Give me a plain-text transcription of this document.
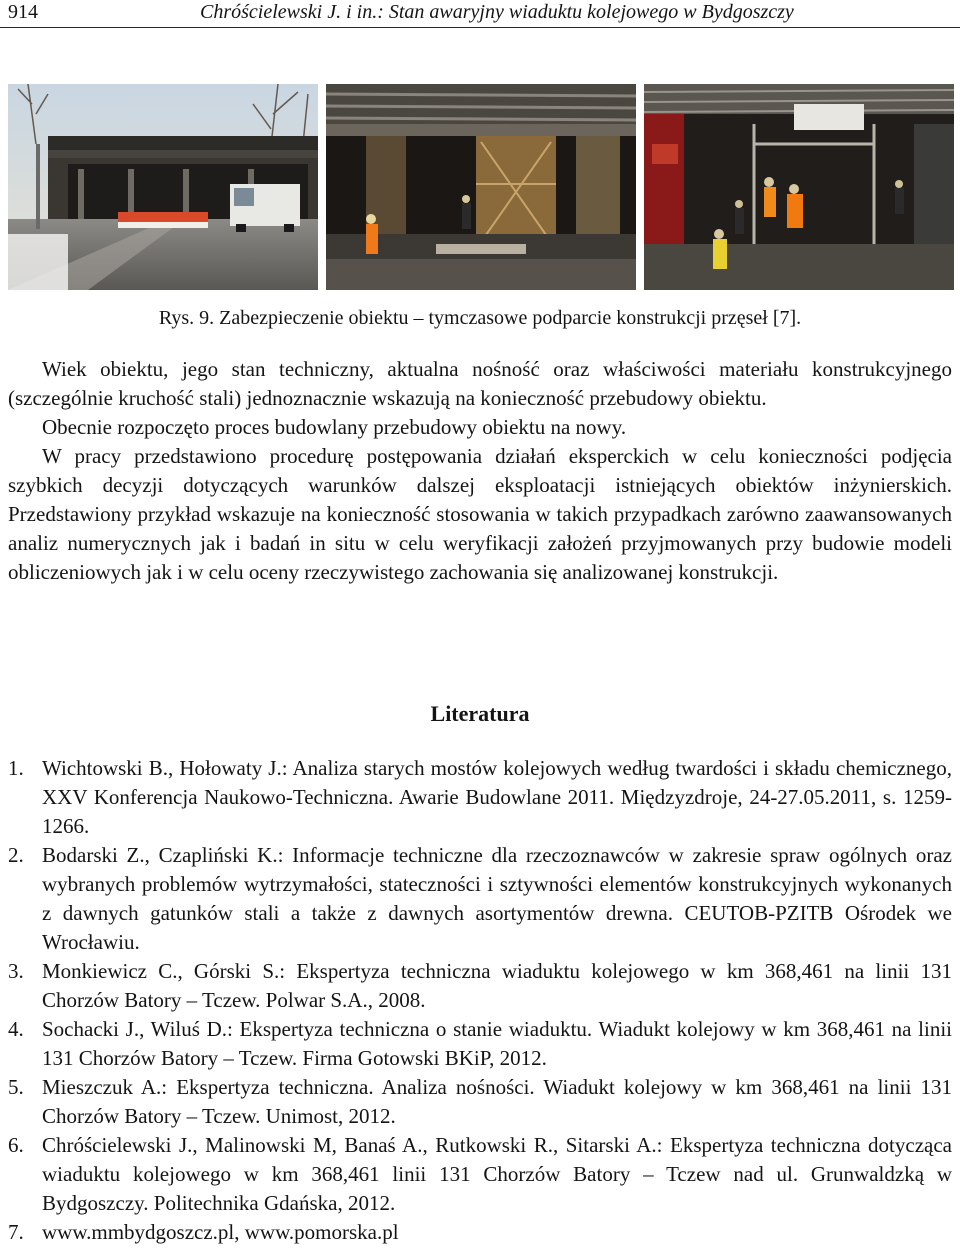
914	Chróścielewski J. i in.: Stan awaryjny wiaduktu kolejowego w Bydgoszczy
Rys. 9. Zabezpieczenie obiektu – tymczasowe podparcie konstrukcji przęseł [7].

Wiek obiektu, jego stan techniczny, aktualna nośność oraz właściwości materiału konstrukcyjnego (szczególnie kruchość stali) jednoznacznie wskazują na konieczność przebudowy obiektu.

Obecnie rozpoczęto proces budowlany przebudowy obiektu na nowy.

W pracy przedstawiono procedurę postępowania działań eksperckich w celu konieczności podjęcia szybkich decyzji dotyczących warunków dalszej eksploatacji istniejących obiektów inżynierskich. Przedstawiony przykład wskazuje na konieczność stosowania w takich przypadkach zarówno zaawansowanych analiz numerycznych jak i badań in situ w celu weryfikacji założeń przyjmowanych przy budowie modeli obliczeniowych jak i w celu oceny rzeczywistego zachowania się analizowanej konstrukcji.

Literatura
1. Wichtowski B., Hołowaty J.: Analiza starych mostów kolejowych według twardości i składu chemicznego, XXV Konferencja Naukowo-Techniczna. Awarie Budowlane 2011. Międzyzdroje, 24-27.05.2011, s. 1259-1266.
2. Bodarski Z., Czapliński K.: Informacje techniczne dla rzeczoznawców w zakresie spraw ogólnych oraz wybranych problemów wytrzymałości, stateczności i sztywności elementów konstrukcyjnych wykonanych z dawnych gatunków stali a także z dawnych asortymentów drewna. CEUTOB-PZITB Ośrodek we Wrocławiu.
3. Monkiewicz C., Górski S.: Ekspertyza techniczna wiaduktu kolejowego w km 368,461 na linii 131 Chorzów Batory – Tczew. Polwar S.A., 2008.
4. Sochacki J., Wiluś D.: Ekspertyza techniczna o stanie wiaduktu. Wiadukt kolejowy w km 368,461 na linii 131 Chorzów Batory – Tczew. Firma Gotowski BKiP, 2012.
5. Mieszczuk A.: Ekspertyza techniczna. Analiza nośności. Wiadukt kolejowy w km 368,461 na linii 131 Chorzów Batory – Tczew. Unimost, 2012.
6. Chróścielewski J., Malinowski M, Banaś A., Rutkowski R., Sitarski A.: Ekspertyza techniczna dotycząca wiaduktu kolejowego w km 368,461 linii 131 Chorzów Batory – Tczew nad ul. Grunwaldzką w Bydgoszczy. Politechnika Gdańska, 2012.
7. www.mmbydgoszcz.pl, www.pomorska.pl
